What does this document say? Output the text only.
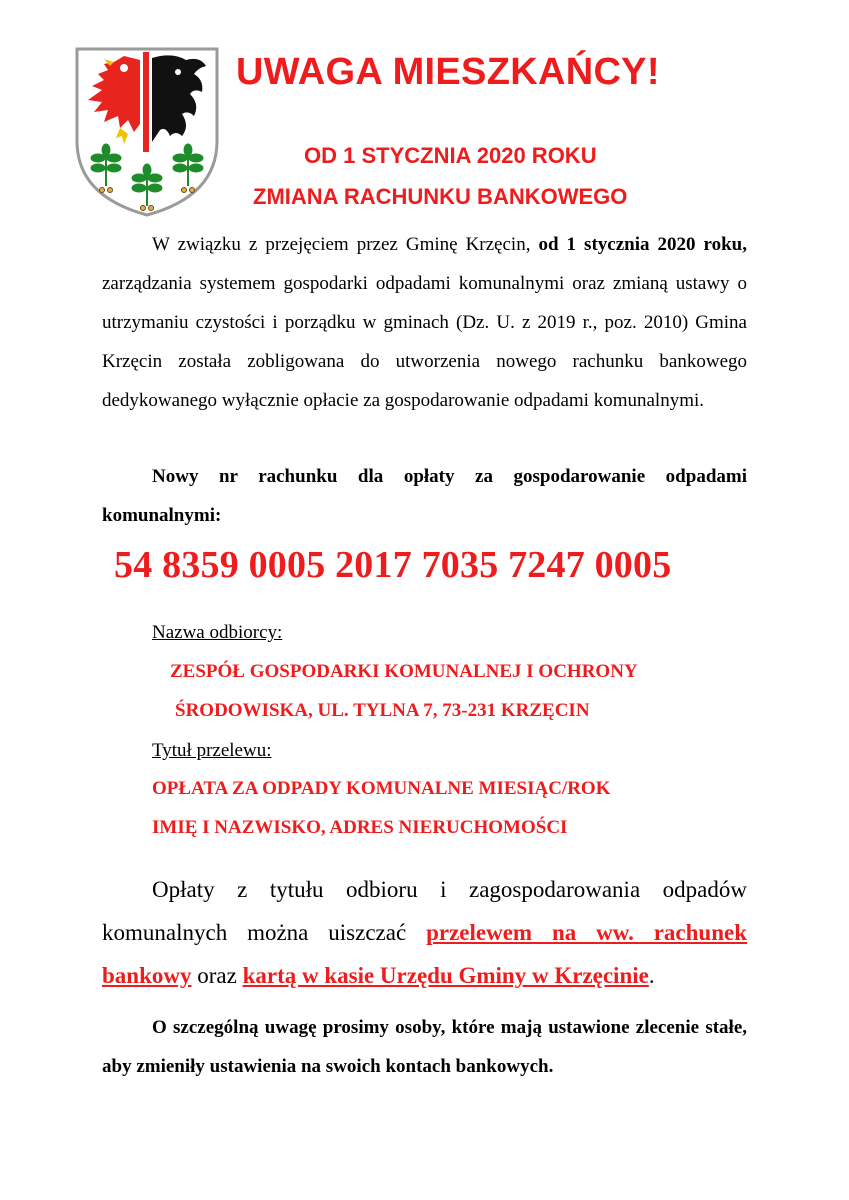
UWAGA MIESZKAŃCY!
OD 1 STYCZNIA 2020 ROKU
ZMIANA RACHUNKU BANKOWEGO

W związku z przejęciem przez Gminę Krzęcin, od 1 stycznia 2020 roku, zarządzania systemem gospodarki odpadami komunalnymi oraz zmianą ustawy o utrzymaniu czystości i porządku w gminach (Dz. U. z 2019 r., poz. 2010) Gmina Krzęcin została zobligowana do utworzenia nowego rachunku bankowego dedykowanego wyłącznie opłacie za gospodarowanie odpadami komunalnymi.

Nowy nr rachunku dla opłaty za gospodarowanie odpadami komunalnymi:

54 8359 0005 2017 7035 7247 0005
Nazwa odbiorcy:
ZESPÓŁ GOSPODARKI KOMUNALNEJ I OCHRONY
ŚRODOWISKA, UL. TYLNA 7, 73-231 KRZĘCIN
Tytuł przelewu:
OPŁATA ZA ODPADY KOMUNALNE MIESIĄC/ROK
IMIĘ I NAZWISKO, ADRES NIERUCHOMOŚCI

Opłaty z tytułu odbioru i zagospodarowania odpadów komunalnych można uiszczać przelewem na ww. rachunek bankowy oraz kartą w kasie Urzędu Gminy w Krzęcinie.

O szczególną uwagę prosimy osoby, które mają ustawione zlecenie stałe, aby zmieniły ustawienia na swoich kontach bankowych.
